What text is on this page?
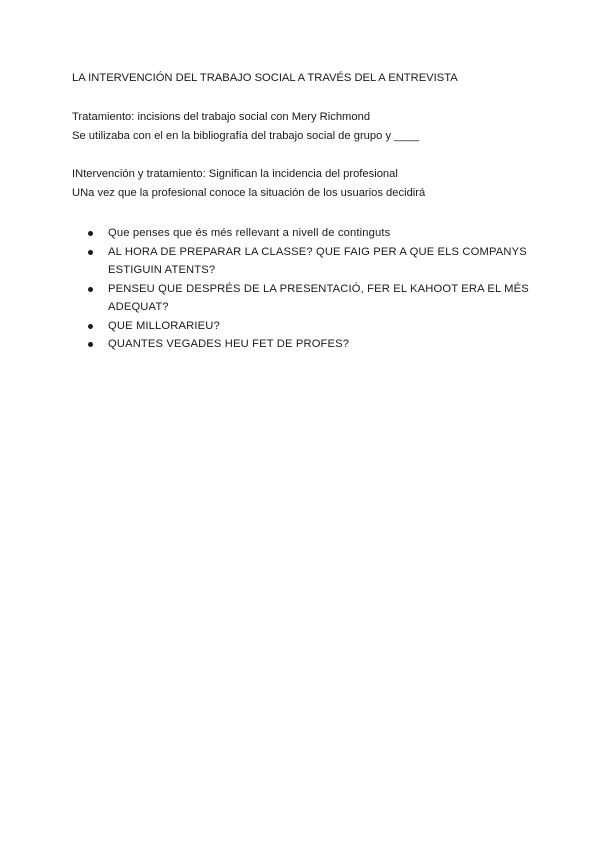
LA INTERVENCIÓN DEL TRABAJO SOCIAL A TRAVÉS DEL A ENTREVISTA
Tratamiento: incisions del trabajo social con Mery Richmond
Se utilizaba con el en la bibliografía del trabajo social de grupo y ____
INtervención y tratamiento: Significan la incidencia del profesional
UNa vez que la profesional conoce la situación de los usuarios decidirá
Que penses que és més rellevant a nivell de continguts
AL HORA DE PREPARAR LA CLASSE? QUE FAIG PER A QUE ELS COMPANYS ESTIGUIN ATENTS?
PENSEU QUE DESPRÉS DE LA PRESENTACIÓ, FER EL KAHOOT ERA EL MÉS ADEQUAT?
QUE MILLORARIEU?
QUANTES VEGADES HEU FET DE PROFES?
